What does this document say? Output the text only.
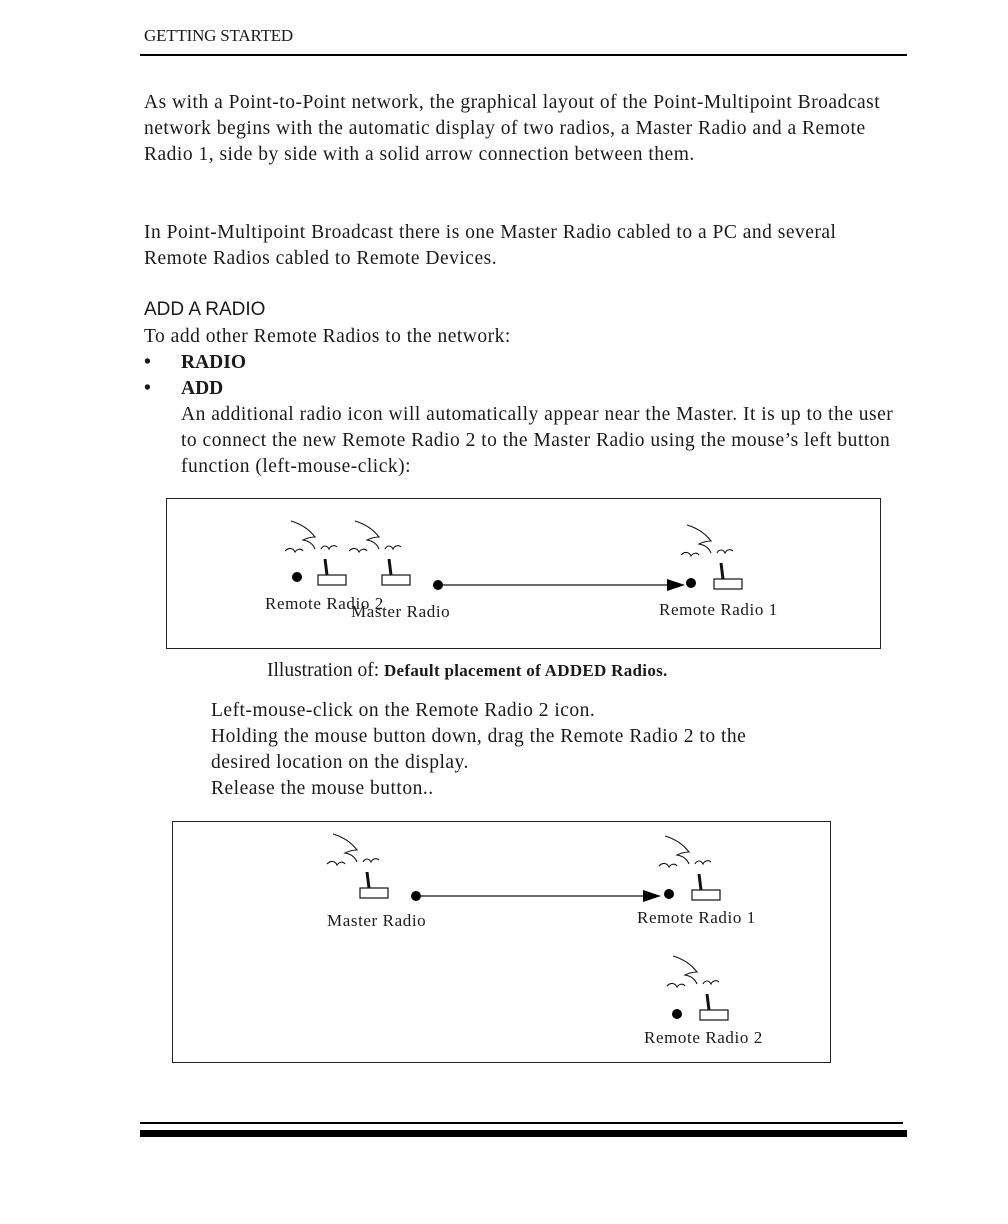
GETTING STARTED

As with a Point-to-Point network, the graphical layout of the Point-Multipoint Broadcast network begins with the automatic display of two radios, a Master Radio and a Remote Radio 1, side by side with a solid arrow connection between them.

In Point-Multipoint Broadcast there is one Master Radio cabled to a PC and several Remote Radios cabled to Remote Devices.

ADD A RADIO
To add other Remote Radios to the network:
• RADIO
• ADD

An additional radio icon will automatically appear near the Master. It is up to the user to connect the new Remote Radio 2 to the Master Radio using the mouse’s left button function (left-mouse-click):

Remote Radio 2
Master Radio	Remote Radio 1
Illustration of: Default placement of ADDED Radios.
Left-mouse-click on the Remote Radio 2 icon.
Holding the mouse button down, drag the Remote Radio 2 to the
desired location on the display.
Release the mouse button..
Master Radio	Remote Radio 1
Remote Radio 2
